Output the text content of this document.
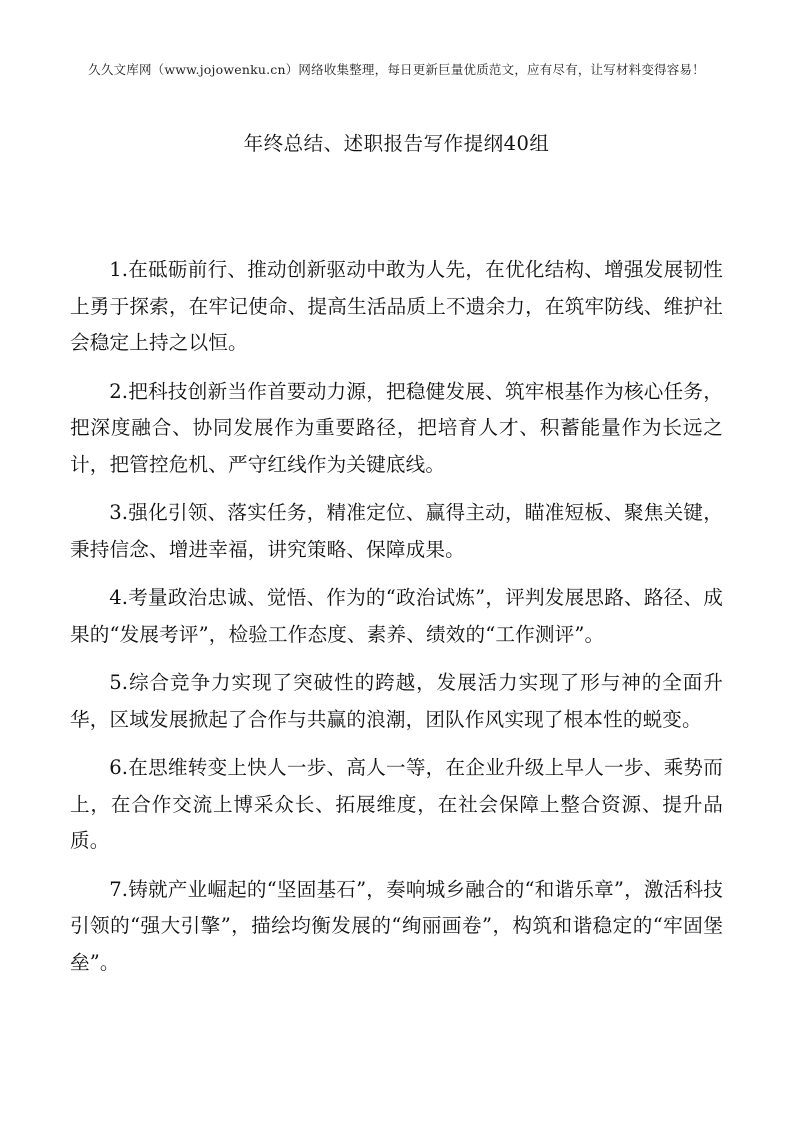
久久文库网（www.jojowenku.cn）网络收集整理，每日更新巨量优质范文，应有尽有，让写材料变得容易！
年终总结、述职报告写作提纲40组

1.在砥砺前行、推动创新驱动中敢为人先，在优化结构、增强发展韧性上勇于探索，在牢记使命、提高生活品质上不遗余力，在筑牢防线、维护社会稳定上持之以恒。

2.把科技创新当作首要动力源，把稳健发展、筑牢根基作为核心任务，把深度融合、协同发展作为重要路径，把培育人才、积蓄能量作为长远之计，把管控危机、严守红线作为关键底线。

3.强化引领、落实任务，精准定位、赢得主动，瞄准短板、聚焦关键，秉持信念、增进幸福，讲究策略、保障成果。

4.考量政治忠诚、觉悟、作为的“政治试炼”，评判发展思路、路径、成果的“发展考评”，检验工作态度、素养、绩效的“工作测评”。

5.综合竞争力实现了突破性的跨越，发展活力实现了形与神的全面升华，区域发展掀起了合作与共赢的浪潮，团队作风实现了根本性的蜕变。

6.在思维转变上快人一步、高人一等，在企业升级上早人一步、乘势而上，在合作交流上博采众长、拓展维度，在社会保障上整合资源、提升品质。

7.铸就产业崛起的“坚固基石”，奏响城乡融合的“和谐乐章”，激活科技引领的“强大引擎”，描绘均衡发展的“绚丽画卷”，构筑和谐稳定的“牢固堡垒”。
